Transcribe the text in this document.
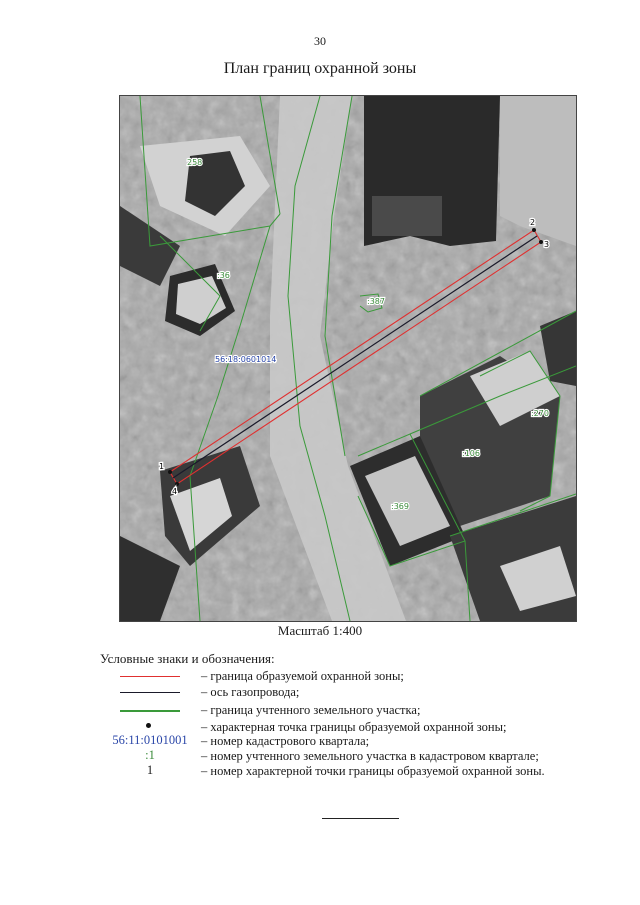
30
План границ охранной зоны
1
2
3
4
258
:36
:387
:270
:106
:369
56:18:0601014
Масштаб 1:400
Условные знаки и обозначения:
– граница образуемой охранной зоны;
– ось газопровода;
– граница учтенного земельного участка;
– характерная точка границы образуемой охранной зоны;
56:11:0101001	– номер кадастрового квартала;
:1	– номер учтенного земельного участка в кадастровом квартале;
1	– номер характерной точки границы образуемой охранной зоны.
